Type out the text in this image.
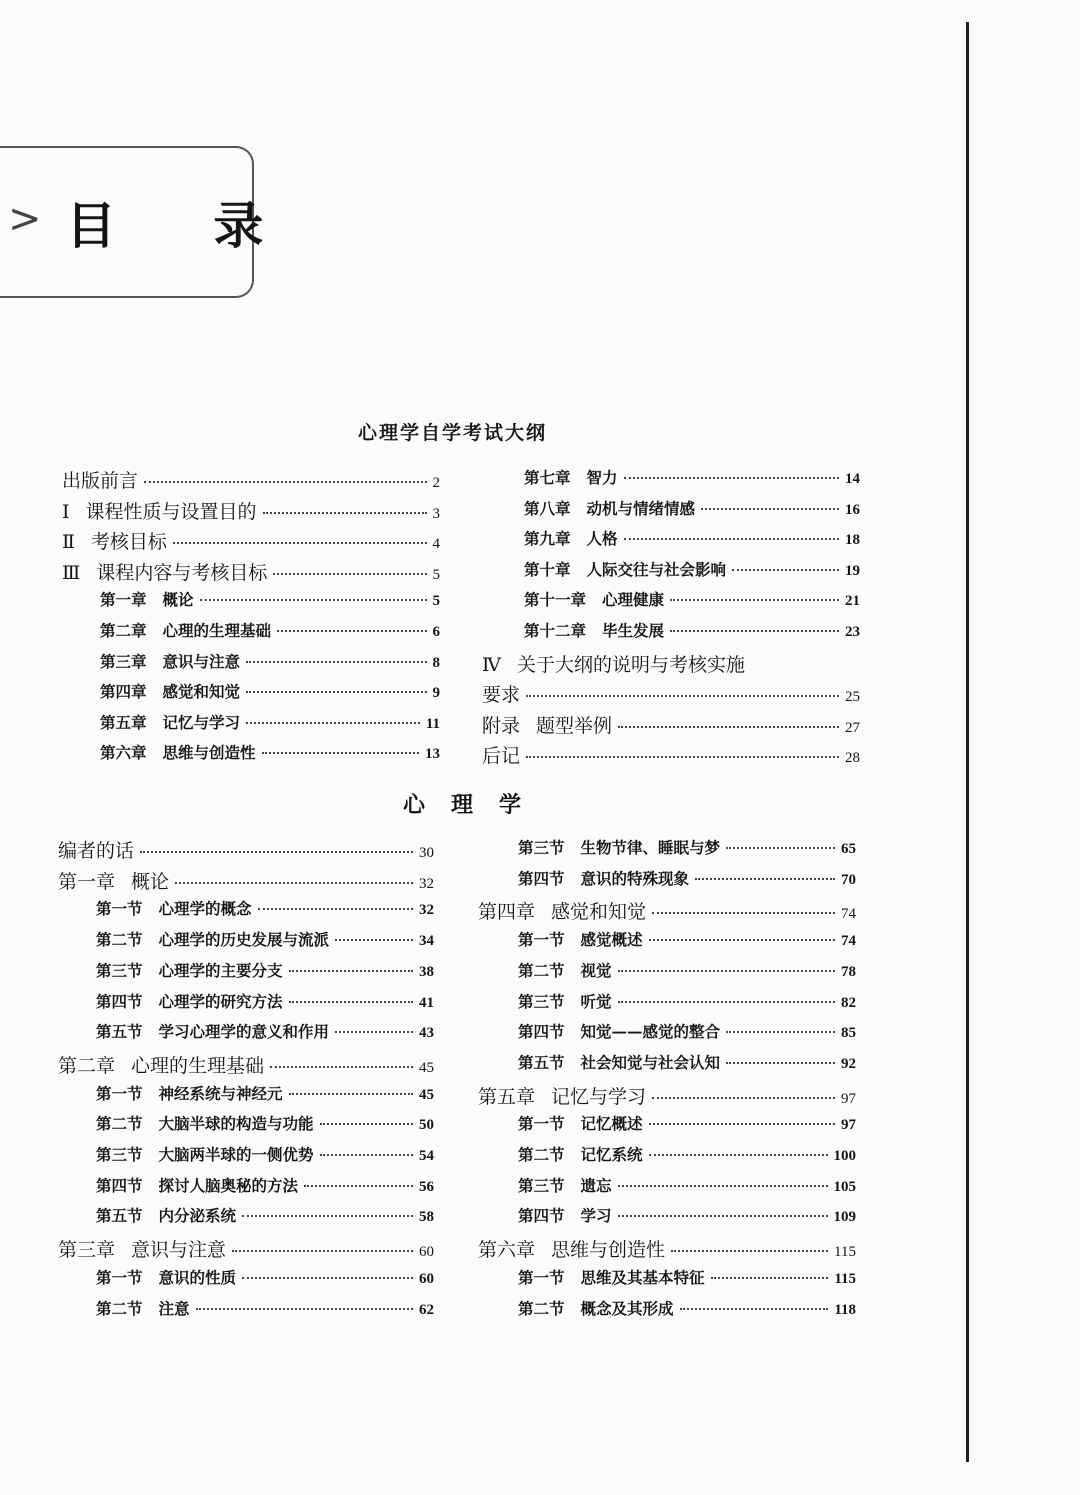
> 目 录
心理学自学考试大纲
心　理　学
出版前言	2
Ⅰ 课程性质与设置目的	3
Ⅱ 考核目标	4
Ⅲ 课程内容与考核目标	5
第一章 概论	5
第二章 心理的生理基础	6
第三章 意识与注意	8
第四章 感觉和知觉	9
第五章 记忆与学习	11
第六章 思维与创造性	13
第七章 智力	14
第八章 动机与情绪情感	16
第九章 人格	18
第十章 人际交往与社会影响	19
第十一章 心理健康	21
第十二章 毕生发展	23
Ⅳ 关于大纲的说明与考核实施
要求	25
附录 题型举例	27
后记	28
编者的话	30
第一章 概论	32
第一节 心理学的概念	32
第二节 心理学的历史发展与流派	34
第三节 心理学的主要分支	38
第四节 心理学的研究方法	41
第五节 学习心理学的意义和作用	43
第二章 心理的生理基础	45
第一节 神经系统与神经元	45
第二节 大脑半球的构造与功能	50
第三节 大脑两半球的一侧优势	54
第四节 探讨人脑奥秘的方法	56
第五节 内分泌系统	58
第三章 意识与注意	60
第一节 意识的性质	60
第二节 注意	62
第三节 生物节律、睡眠与梦	65
第四节 意识的特殊现象	70
第四章 感觉和知觉	74
第一节 感觉概述	74
第二节 视觉	78
第三节 听觉	82
第四节 知觉——感觉的整合	85
第五节 社会知觉与社会认知	92
第五章 记忆与学习	97
第一节 记忆概述	97
第二节 记忆系统	100
第三节 遗忘	105
第四节 学习	109
第六章 思维与创造性	115
第一节 思维及其基本特征	115
第二节 概念及其形成	118
